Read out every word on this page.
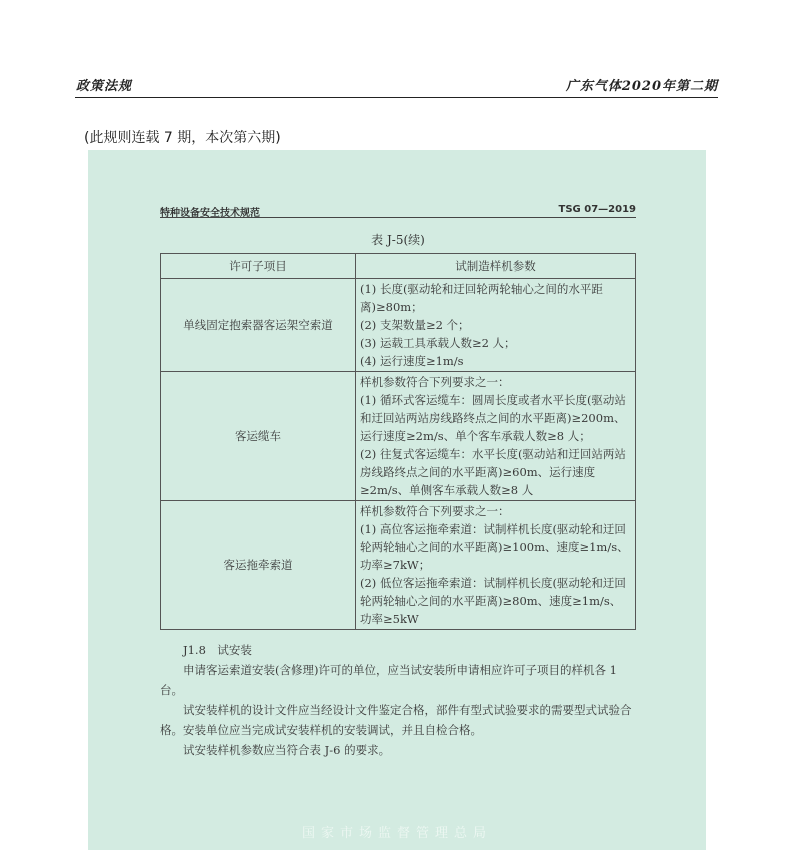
政策法规	广东气体2020年第二期
(此规则连载 7 期，本次第六期)
特种设备安全技术规范	TSG 07—2019
表 J-5(续)
许可子项目	试制造样机参数
单线固定抱索器客运架空索道	(1) 长度(驱动轮和迂回轮两轮轴心之间的水平距离)≥80m；
(2) 支架数量≥2 个；
(3) 运载工具承载人数≥2 人；
(4) 运行速度≥1m/s

客运缆车	样机参数符合下列要求之一：
(1) 循环式客运缆车：圆周长度或者水平长度(驱动站和迂回站两站房线路终点之间的水平距离)≥200m、运行速度≥2m/s、单个客车承载人数≥8 人；
(2) 往复式客运缆车：水平长度(驱动站和迂回站两站房线路终点之间的水平距离)≥60m、运行速度≥2m/s、单侧客车承载人数≥8 人

客运拖牵索道	样机参数符合下列要求之一：
(1) 高位客运拖牵索道：试制样机长度(驱动轮和迂回轮两轮轴心之间的水平距离)≥100m、速度≥1m/s、功率≥7kW；
(2) 低位客运拖牵索道：试制样机长度(驱动轮和迂回轮两轮轴心之间的水平距离)≥80m、速度≥1m/s、功率≥5kW

J1.8　试安装

申请客运索道安装(含修理)许可的单位，应当试安装所申请相应许可子项目的样机各 1 台。

试安装样机的设计文件应当经设计文件鉴定合格，部件有型式试验要求的需要型式试验合格。安装单位应当完成试安装样机的安装调试，并且自检合格。

试安装样机参数应当符合表 J-6 的要求。

国家市场监督管理总局
